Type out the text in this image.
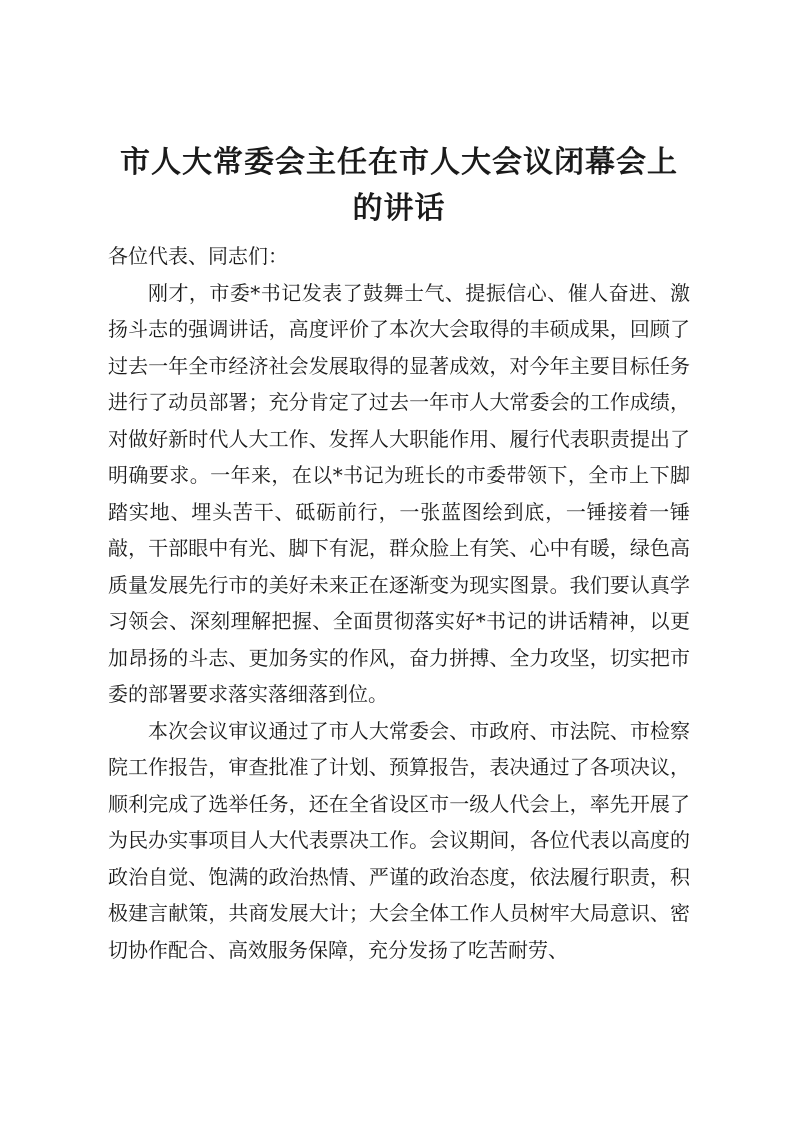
市人大常委会主任在市人大会议闭幕会上的讲话

各位代表、同志们：

刚才，市委*书记发表了鼓舞士气、提振信心、催人奋进、激扬斗志的强调讲话，高度评价了本次大会取得的丰硕成果，回顾了过去一年全市经济社会发展取得的显著成效，对今年主要目标任务进行了动员部署；充分肯定了过去一年市人大常委会的工作成绩，对做好新时代人大工作、发挥人大职能作用、履行代表职责提出了明确要求。一年来，在以*书记为班长的市委带领下，全市上下脚踏实地、埋头苦干、砥砺前行，一张蓝图绘到底，一锤接着一锤敲，干部眼中有光、脚下有泥，群众脸上有笑、心中有暖，绿色高质量发展先行市的美好未来正在逐渐变为现实图景。我们要认真学习领会、深刻理解把握、全面贯彻落实好*书记的讲话精神，以更加昂扬的斗志、更加务实的作风，奋力拼搏、全力攻坚，切实把市委的部署要求落实落细落到位。

本次会议审议通过了市人大常委会、市政府、市法院、市检察院工作报告，审查批准了计划、预算报告，表决通过了各项决议，顺利完成了选举任务，还在全省设区市一级人代会上，率先开展了为民办实事项目人大代表票决工作。会议期间，各位代表以高度的政治自觉、饱满的政治热情、严谨的政治态度，依法履行职责，积极建言献策，共商发展大计；大会全体工作人员树牢大局意识、密切协作配合、高效服务保障，充分发扬了吃苦耐劳、
